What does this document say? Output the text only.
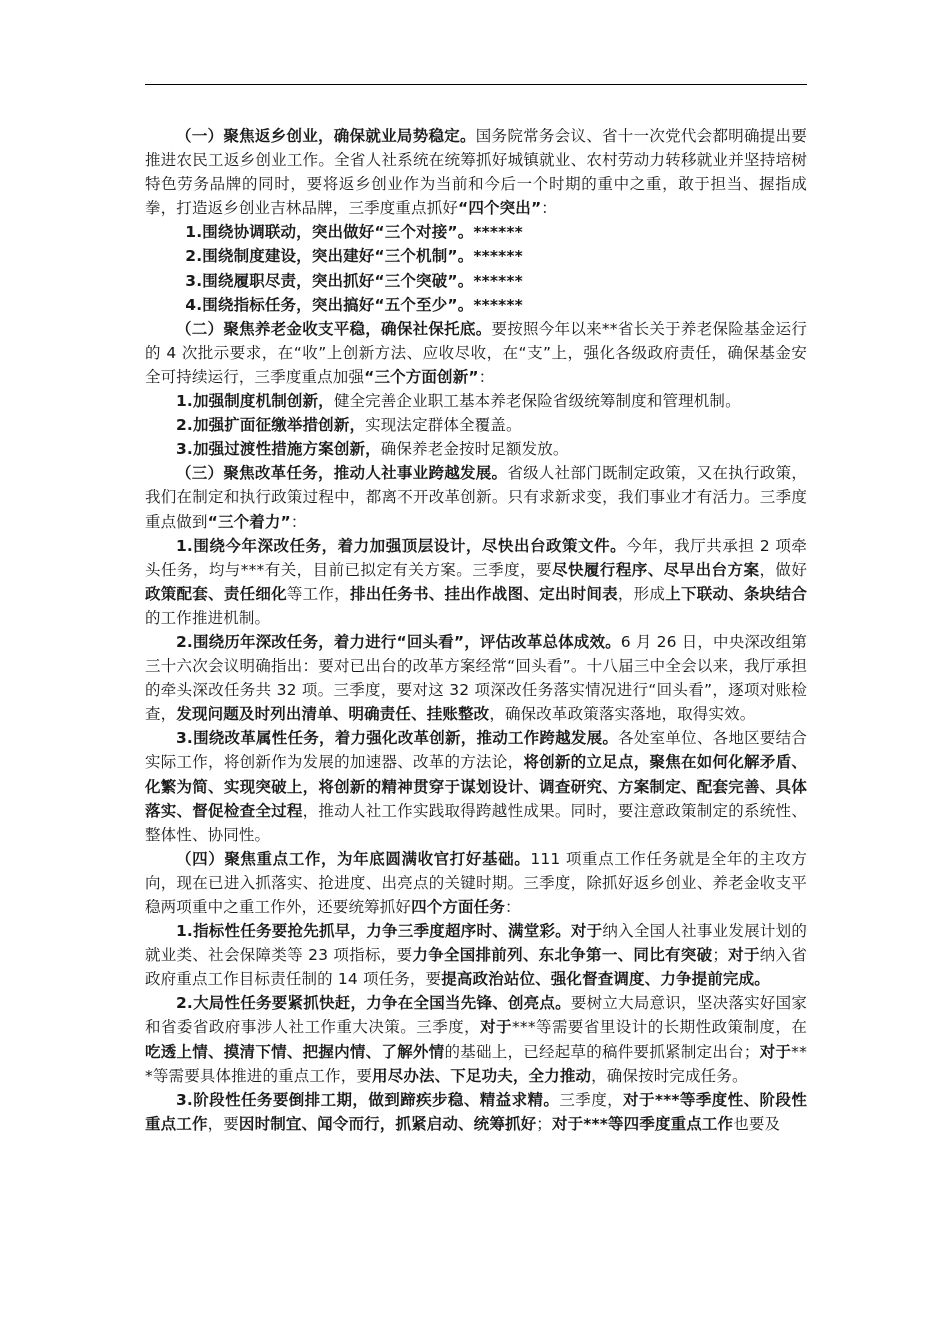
（一）聚焦返乡创业，确保就业局势稳定。国务院常务会议、省十一次党代会都明确提出要推进农民工返乡创业工作。全省人社系统在统筹抓好城镇就业、农村劳动力转移就业并坚持培树特色劳务品牌的同时，要将返乡创业作为当前和今后一个时期的重中之重，敢于担当、握指成拳，打造返乡创业吉林品牌，三季度重点抓好“四个突出”：

1.围绕协调联动，突出做好“三个对接”。******

2.围绕制度建设，突出建好“三个机制”。******

3.围绕履职尽责，突出抓好“三个突破”。******

4.围绕指标任务，突出搞好“五个至少”。******

（二）聚焦养老金收支平稳，确保社保托底。要按照今年以来**省长关于养老保险基金运行的 4 次批示要求，在“收”上创新方法、应收尽收，在“支”上，强化各级政府责任，确保基金安全可持续运行，三季度重点加强“三个方面创新”：

1.加强制度机制创新，健全完善企业职工基本养老保险省级统筹制度和管理机制。

2.加强扩面征缴举措创新，实现法定群体全覆盖。

3.加强过渡性措施方案创新，确保养老金按时足额发放。

（三）聚焦改革任务，推动人社事业跨越发展。省级人社部门既制定政策，又在执行政策，我们在制定和执行政策过程中，都离不开改革创新。只有求新求变，我们事业才有活力。三季度重点做到“三个着力”：

1.围绕今年深改任务，着力加强顶层设计，尽快出台政策文件。今年，我厅共承担 2 项牵头任务，均与***有关，目前已拟定有关方案。三季度，要尽快履行程序、尽早出台方案，做好政策配套、责任细化等工作，排出任务书、挂出作战图、定出时间表，形成上下联动、条块结合的工作推进机制。

2.围绕历年深改任务，着力进行“回头看”，评估改革总体成效。6 月 26 日，中央深改组第三十六次会议明确指出：要对已出台的改革方案经常“回头看”。十八届三中全会以来，我厅承担的牵头深改任务共 32 项。三季度，要对这 32 项深改任务落实情况进行“回头看”，逐项对账检查，发现问题及时列出清单、明确责任、挂账整改，确保改革政策落实落地，取得实效。

3.围绕改革属性任务，着力强化改革创新，推动工作跨越发展。各处室单位、各地区要结合实际工作，将创新作为发展的加速器、改革的方法论，将创新的立足点，聚焦在如何化解矛盾、化繁为简、实现突破上，将创新的精神贯穿于谋划设计、调查研究、方案制定、配套完善、具体落实、督促检查全过程，推动人社工作实践取得跨越性成果。同时，要注意政策制定的系统性、整体性、协同性。

（四）聚焦重点工作，为年底圆满收官打好基础。111 项重点工作任务就是全年的主攻方向，现在已进入抓落实、抢进度、出亮点的关键时期。三季度，除抓好返乡创业、养老金收支平稳两项重中之重工作外，还要统筹抓好四个方面任务：

1.指标性任务要抢先抓早，力争三季度超序时、满堂彩。对于纳入全国人社事业发展计划的就业类、社会保障类等 23 项指标，要力争全国排前列、东北争第一、同比有突破；对于纳入省政府重点工作目标责任制的 14 项任务，要提高政治站位、强化督查调度、力争提前完成。

2.大局性任务要紧抓快赶，力争在全国当先锋、创亮点。要树立大局意识，坚决落实好国家和省委省政府事涉人社工作重大决策。三季度，对于***等需要省里设计的长期性政策制度，在吃透上情、摸清下情、把握内情、了解外情的基础上，已经起草的稿件要抓紧制定出台；对于***等需要具体推进的重点工作，要用尽办法、下足功夫，全力推动，确保按时完成任务。

3.阶段性任务要倒排工期，做到蹄疾步稳、精益求精。三季度，对于***等季度性、阶段性重点工作，要因时制宜、闻令而行，抓紧启动、统筹抓好；对于***等四季度重点工作也要及
